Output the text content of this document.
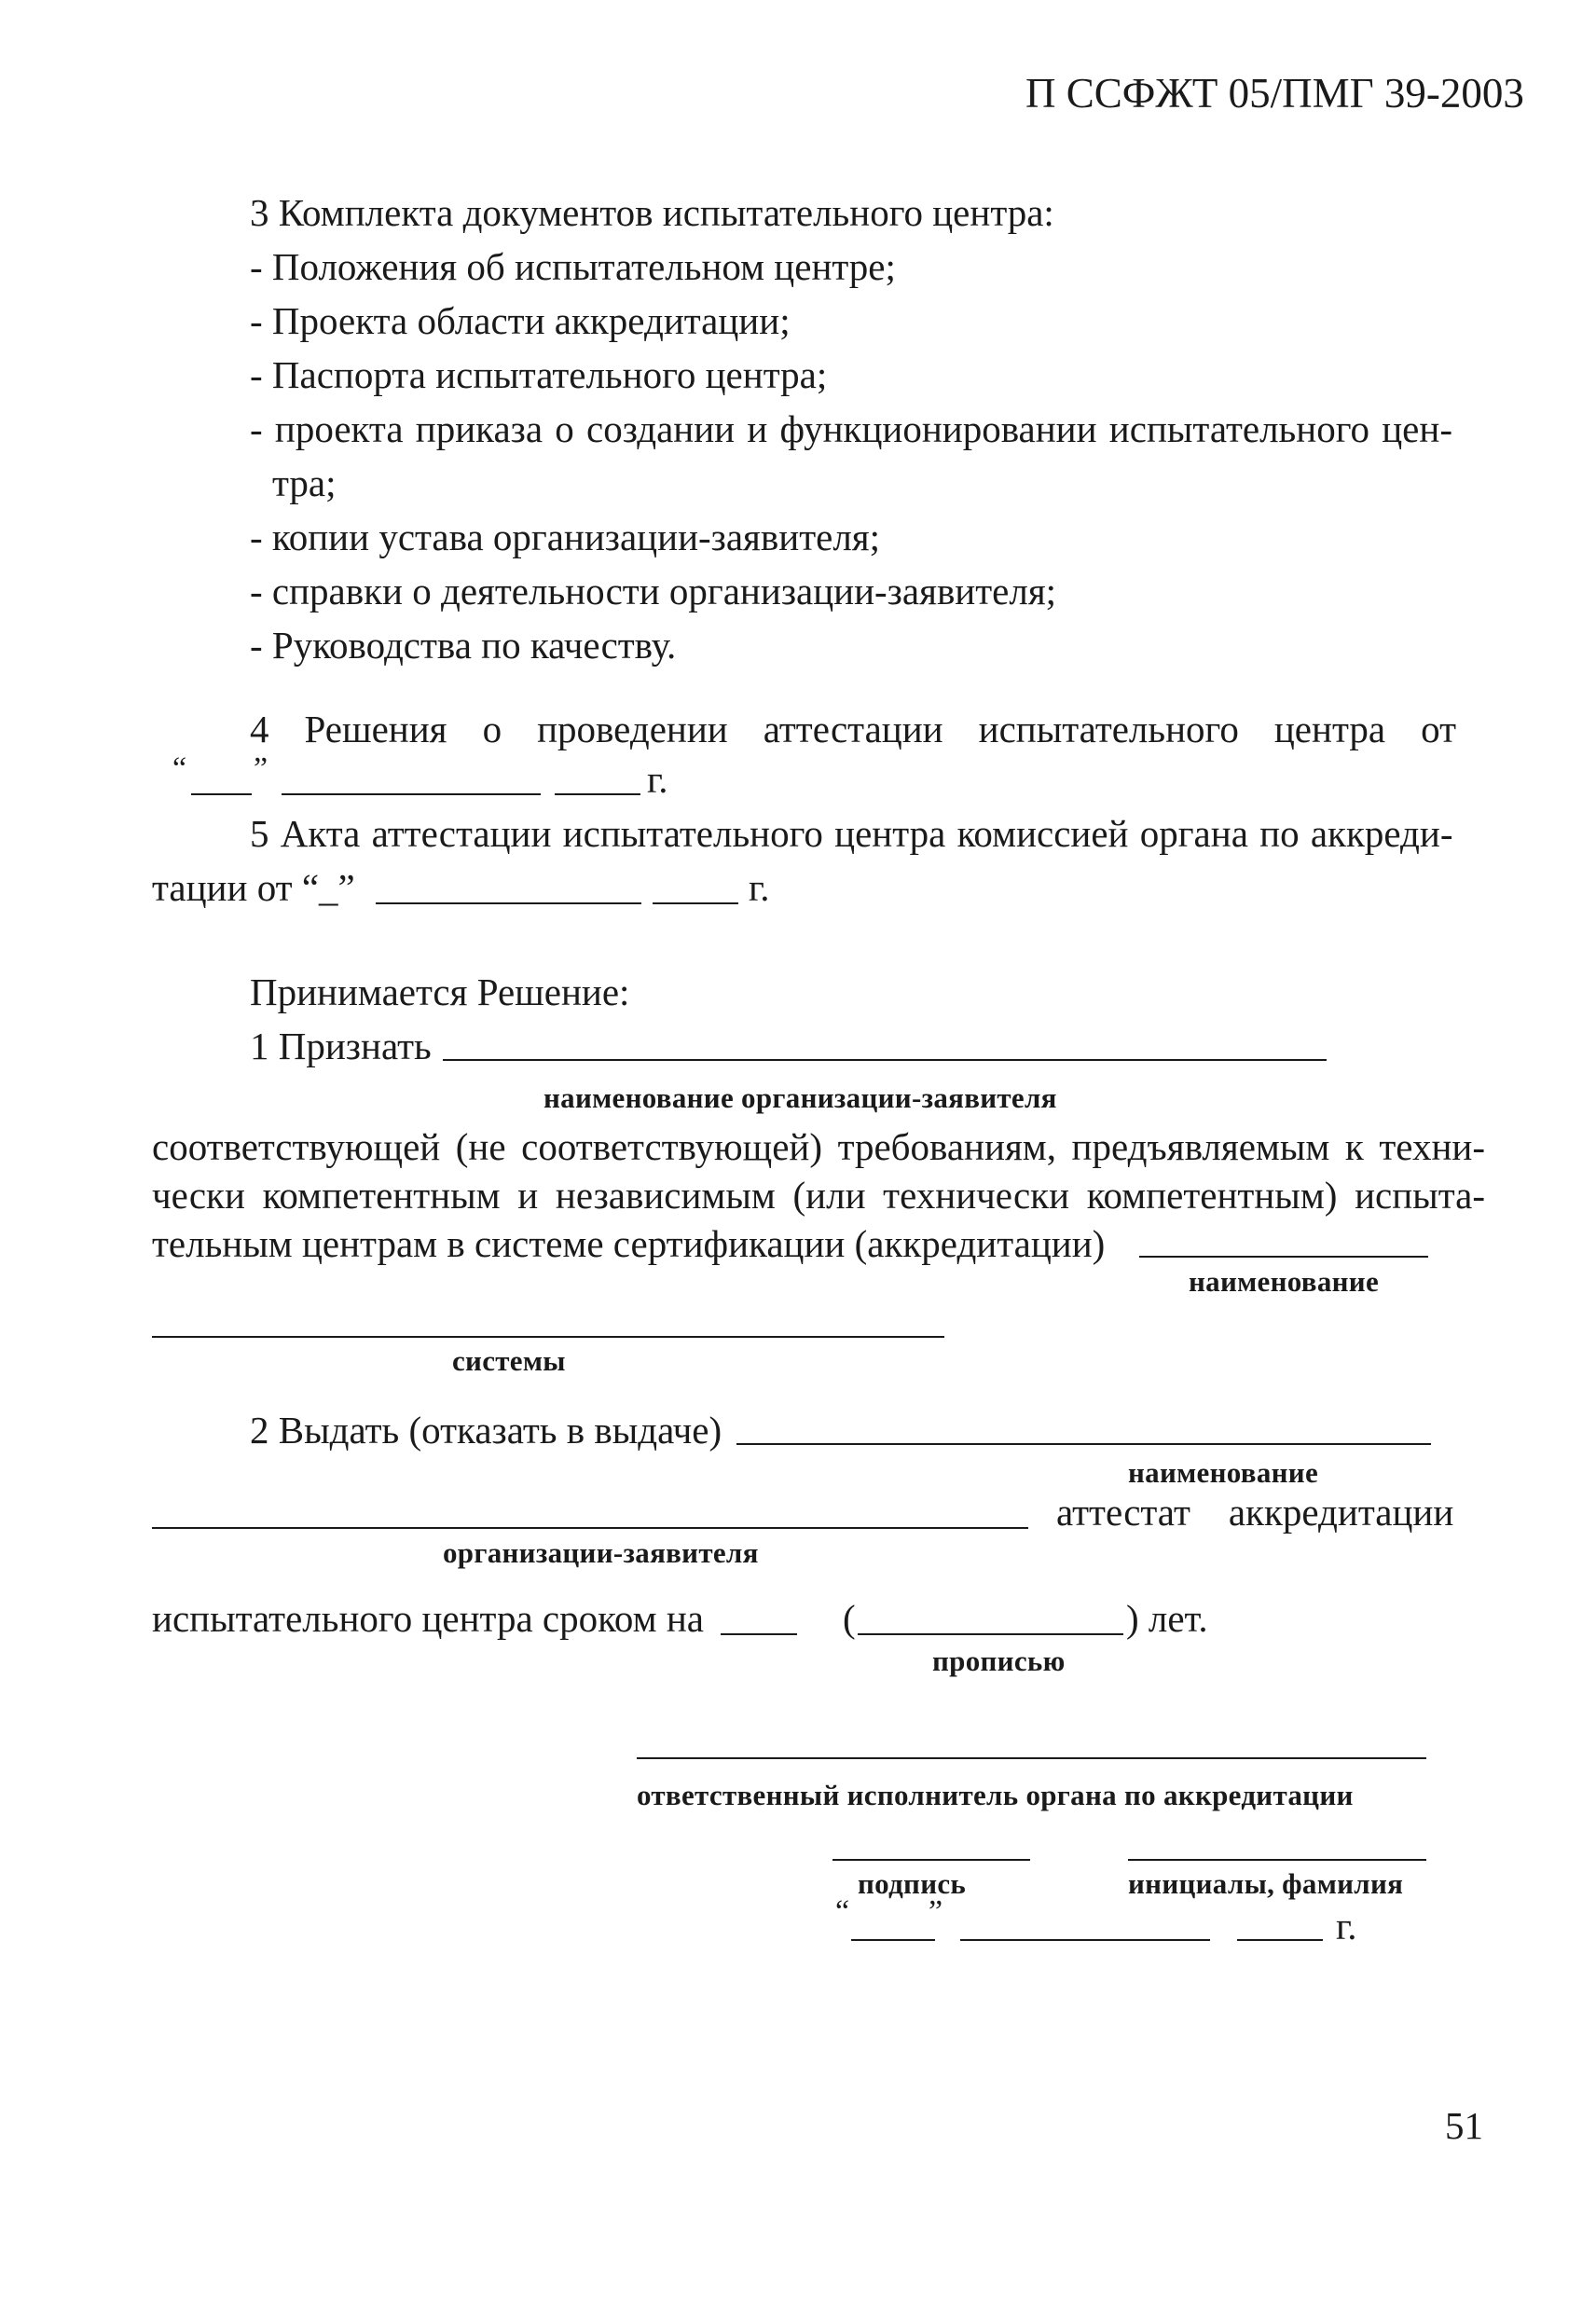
П ССФЖТ 05/ПМГ 39-2003
3 Комплекта документов испытательного центра:
- Положения об испытательном центре;
- Проекта области аккредитации;
- Паспорта испытательного центра;
- проекта приказа о создании и функционировании испытательного цен-
тра;
- копии устава организации-заявителя;
- справки о деятельности организации-заявителя;
- Руководства по качеству.
4 Решения о проведении аттестации испытательного центра от
“ ”	г.
5 Акта аттестации испытательного центра комиссией органа по аккреди-
тации от “_”	г.
Принимается Решение:
1 Признать
наименование организации-заявителя
соответствующей (не соответствующей) требованиям, предъявляемым к техни-
чески компетентным и независимым (или технически компетентным) испыта-
тельным центрам в системе сертификации (аккредитации)
наименование
системы
2 Выдать (отказать в выдаче)
наименование
аттестат    аккредитации
организации-заявителя
испытательного центра сроком на	(	) лет.
прописью
ответственный исполнитель органа по аккредитации
подпись	инициалы, фамилия
“ ”	г.
51
